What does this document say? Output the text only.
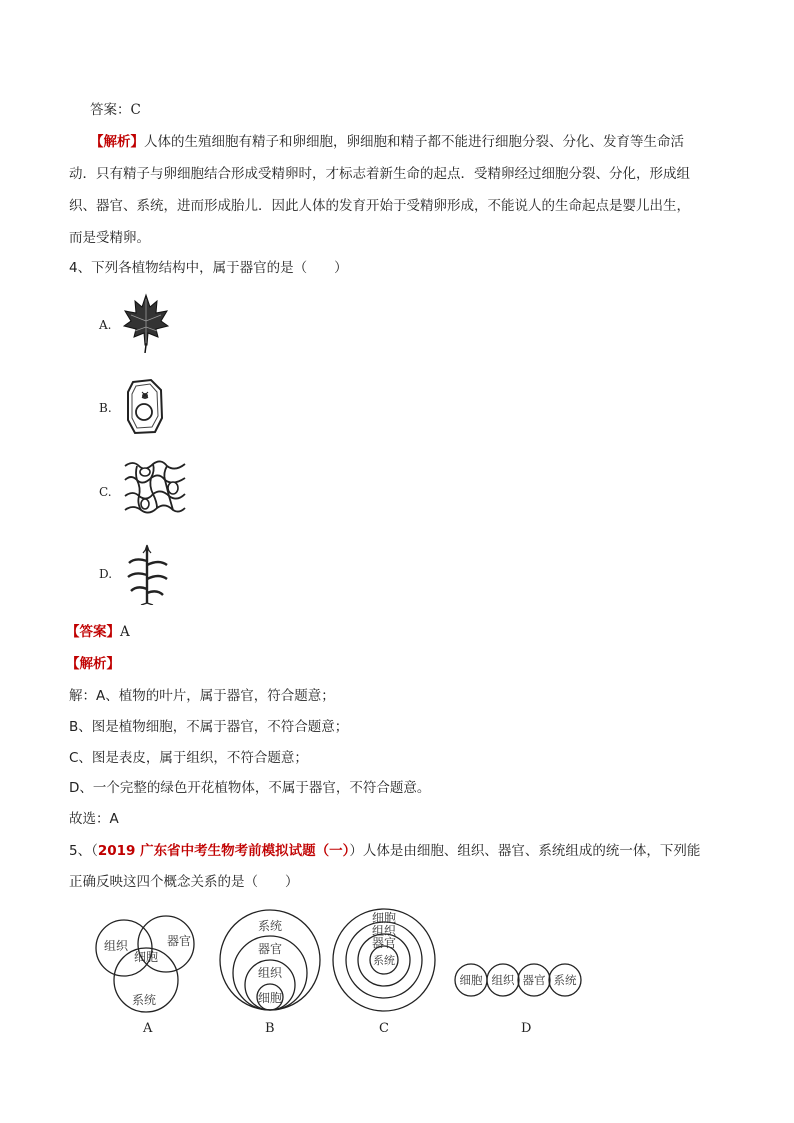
答案：C
【解析】人体的生殖细胞有精子和卵细胞，卵细胞和精子都不能进行细胞分裂、分化、发育等生命活
动．只有精子与卵细胞结合形成受精卵时，才标志着新生命的起点．受精卵经过细胞分裂、分化，形成组
织、器官、系统，进而形成胎儿．因此人体的发育开始于受精卵形成，不能说人的生命起点是婴儿出生，
而是受精卵。
4、下列各植物结构中，属于器官的是（　　）
A.
B.
C.
D.
【答案】A
【解析】
解：A、植物的叶片，属于器官，符合题意；
B、图是植物细胞，不属于器官，不符合题意；
C、图是表皮，属于组织，不符合题意；
D、一个完整的绿色开花植物体，不属于器官，不符合题意。
故选：A
5、（2019 广东省中考生物考前模拟试题（一））人体是由细胞、组织、器官、系统组成的统一体，下列能
正确反映这四个概念关系的是（　　）
组织	器官
细胞
系统
A
系统
器官
组织
细胞
B
细胞
组织
器官
系统
C
细胞 组织 器官 系统
D
